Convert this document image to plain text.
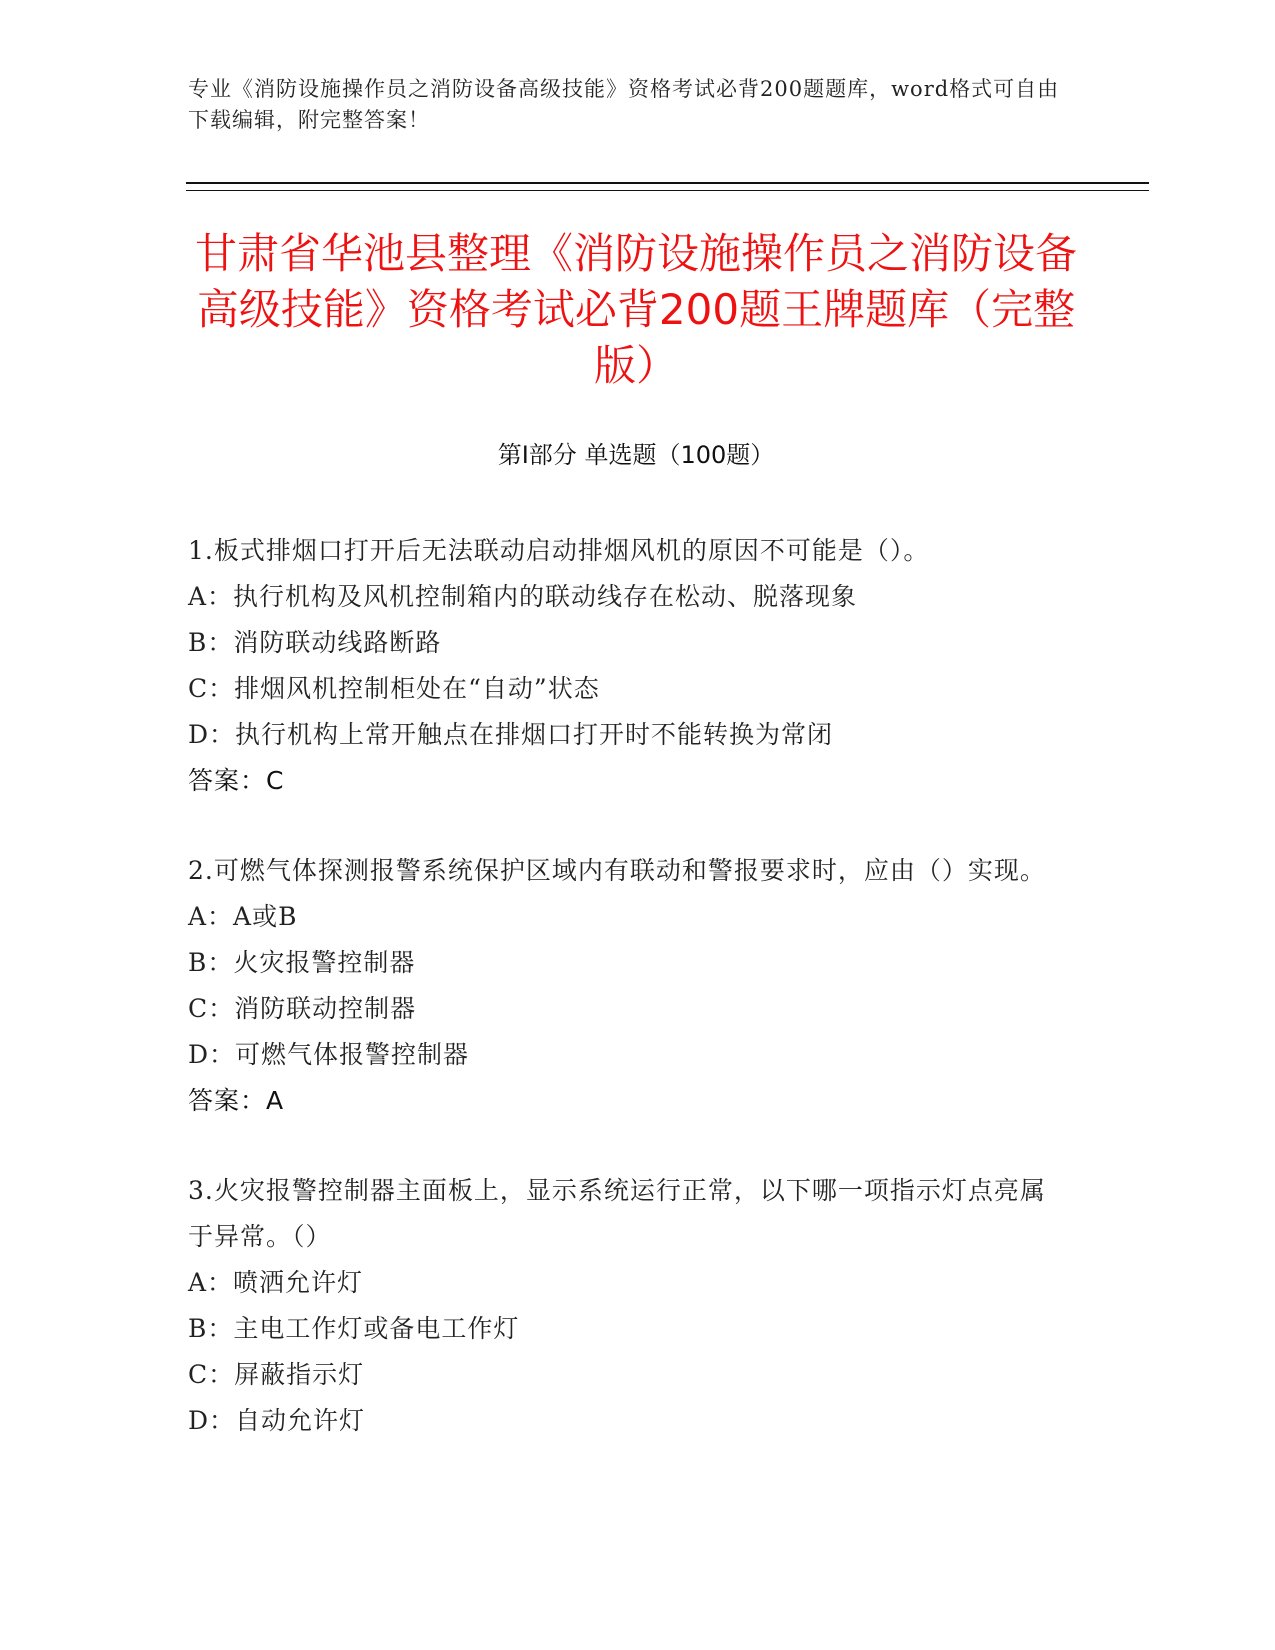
专业《消防设施操作员之消防设备高级技能》资格考试必背200题题库，word格式可自由下载编辑，附完整答案！
甘肃省华池县整理《消防设施操作员之消防设备高级技能》资格考试必背200题王牌题库（完整版）
第Ⅰ部分 单选题（100题）

1.板式排烟口打开后无法联动启动排烟风机的原因不可能是（）。

A：执行机构及风机控制箱内的联动线存在松动、脱落现象

B：消防联动线路断路

C：排烟风机控制柜处在“自动”状态

D：执行机构上常开触点在排烟口打开时不能转换为常闭

答案：C

2.可燃气体探测报警系统保护区域内有联动和警报要求时，应由（）实现。

A：A或B

B：火灾报警控制器

C：消防联动控制器

D：可燃气体报警控制器

答案：A

3.火灾报警控制器主面板上，显示系统运行正常，以下哪一项指示灯点亮属于异常。（）

A：喷洒允许灯

B：主电工作灯或备电工作灯

C：屏蔽指示灯

D：自动允许灯
